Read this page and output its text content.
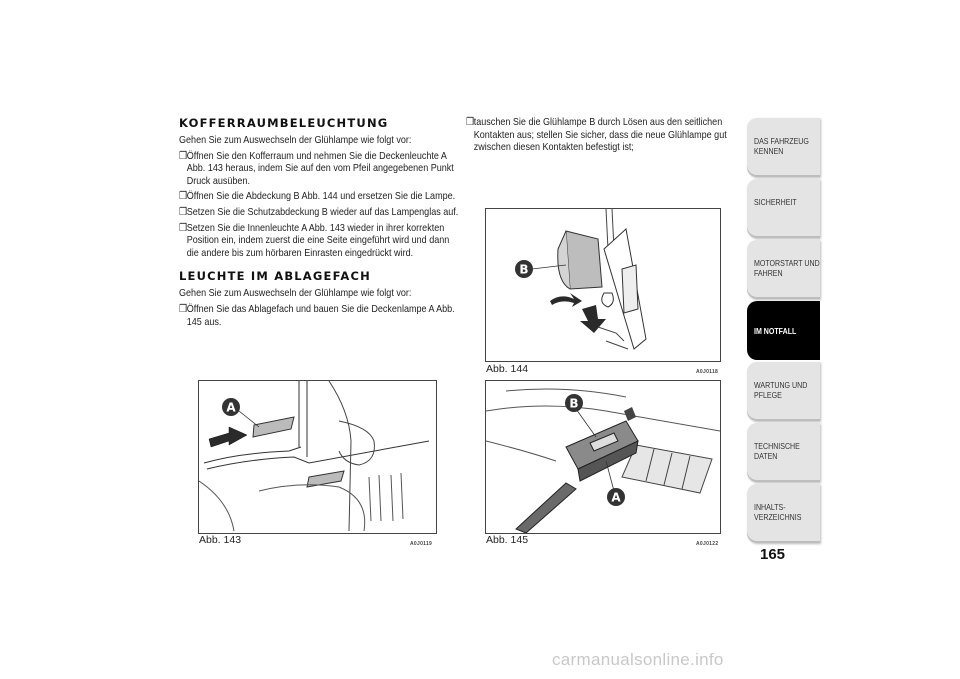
KOFFERRAUMBELEUCHTUNG
Gehen Sie zum Auswechseln der Glühlampe wie folgt vor:
❒Öffnen Sie den Kofferraum und nehmen Sie die Deckenleuchte A Abb. 143 heraus, indem Sie auf den vom Pfeil angegebenen Punkt Druck ausüben.
❒Öffnen Sie die Abdeckung B Abb. 144 und ersetzen Sie die Lampe.
❒Setzen Sie die Schutzabdeckung B wieder auf das Lampenglas auf.
❒Setzen Sie die Innenleuchte A Abb. 143 wieder in ihrer korrekten Position ein, indem zuerst die eine Seite eingeführt wird und dann die andere bis zum hörbaren Einrasten eingedrückt wird.
LEUCHTE IM ABLAGEFACH
Gehen Sie zum Auswechseln der Glühlampe wie folgt vor:
❒Öffnen Sie das Ablagefach und bauen Sie die Deckenlampe A Abb. 145 aus.
❒tauschen Sie die Glühlampe B durch Lösen aus den seitlichen Kontakten aus; stellen Sie sicher, dass die neue Glühlampe gut zwischen diesen Kontakten befestigt ist;
A
Abb. 143	A0J0119
B
Abb. 144	A0J0118
B
A
Abb. 145	A0J0122
DAS FAHRZEUG KENNEN
SICHERHEIT
MOTORSTART UND FAHREN
IM NOTFALL
WARTUNG UND PFLEGE
TECHNISCHE DATEN
INHALTS- VERZEICHNIS
165
carmanualsonline.info
